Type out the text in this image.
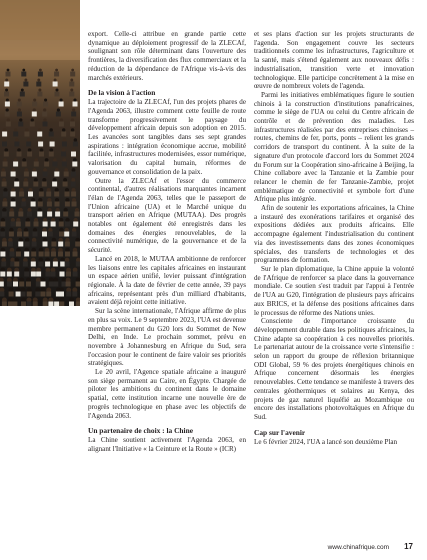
export. Celle-ci attribue en grande partie cette dynamique au déploiement progressif de la ZLECAf, soulignant son rôle déterminant dans l'ouverture des frontières, la diversification des flux commerciaux et la réduction de la dépendance de l'Afrique vis-à-vis des marchés extérieurs.

De la vision à l'action

La trajectoire de la ZLECAf, l'un des projets phares de l'Agenda 2063, illustre comment cette feuille de route transforme progressivement le paysage du développement africain depuis son adoption en 2015. Les avancées sont tangibles dans ses sept grandes aspirations : intégration économique accrue, mobilité facilitée, infrastructures modernisées, essor numérique, valorisation du capital humain, réformes de gouvernance et consolidation de la paix.

Outre la ZLECAf et l'essor du commerce continental, d'autres réalisations marquantes incarnent l'élan de l'Agenda 2063, telles que le passeport de l'Union africaine (UA) et le Marché unique du transport aérien en Afrique (MUTAA). Des progrès notables ont également été enregistrés dans les domaines des énergies renouvelables, de la connectivité numérique, de la gouvernance et de la sécurité.

Lancé en 2018, le MUTAA ambitionne de renforcer les liaisons entre les capitales africaines en instaurant un espace aérien unifié, levier puissant d'intégration régionale. À la date de février de cette année, 39 pays africains, représentant près d'un milliard d'habitants, avaient déjà rejoint cette initiative.

Sur la scène internationale, l'Afrique affirme de plus en plus sa voix. Le 9 septembre 2023, l'UA est devenue membre permanent du G20 lors du Sommet de New Delhi, en Inde. Le prochain sommet, prévu en novembre à Johannesburg en Afrique du Sud, sera l'occasion pour le continent de faire valoir ses priorités stratégiques.

Le 20 avril, l'Agence spatiale africaine a inauguré son siège permanent au Caire, en Égypte. Chargée de piloter les ambitions du continent dans le domaine spatial, cette institution incarne une nouvelle ère de progrès technologique en phase avec les objectifs de l'Agenda 2063.

Un partenaire de choix : la Chine

La Chine soutient activement l'Agenda 2063, en alignant l'Initiative « la Ceinture et la Route » (ICR)

et ses plans d'action sur les projets structurants de l'agenda. Son engagement couvre les secteurs traditionnels comme les infrastructures, l'agriculture et la santé, mais s'étend également aux nouveaux défis : industrialisation, transition verte et innovation technologique. Elle participe concrètement à la mise en œuvre de nombreux volets de l'agenda.

Parmi les initiatives emblématiques figure le soutien chinois à la construction d'institutions panafricaines, comme le siège de l'UA ou celui du Centre africain de contrôle et de prévention des maladies. Les infrastructures réalisées par des entreprises chinoises – routes, chemins de fer, ports, ponts – relient les grands corridors de transport du continent. À la suite de la signature d'un protocole d'accord lors du Sommet 2024 du Forum sur la Coopération sino-africaine à Beijing, la Chine collabore avec la Tanzanie et la Zambie pour relancer le chemin de fer Tanzanie-Zambie, projet emblématique de connectivité et symbole fort d'une Afrique plus intégrée.

Afin de soutenir les exportations africaines, la Chine a instauré des exonérations tarifaires et organisé des expositions dédiées aux produits africains. Elle accompagne également l'industrialisation du continent via des investissements dans des zones économiques spéciales, des transferts de technologies et des programmes de formation.

Sur le plan diplomatique, la Chine appuie la volonté de l'Afrique de renforcer sa place dans la gouvernance mondiale. Ce soutien s'est traduit par l'appui à l'entrée de l'UA au G20, l'intégration de plusieurs pays africains aux BRICS, et la défense des positions africaines dans le processus de réforme des Nations unies.

Consciente de l'importance croissante du développement durable dans les politiques africaines, la Chine adapte sa coopération à ces nouvelles priorités. Le partenariat autour de la croissance verte s'intensifie : selon un rapport du groupe de réflexion britannique ODI Global, 59 % des projets énergétiques chinois en Afrique concernent désormais les énergies renouvelables. Cette tendance se manifeste à travers des centrales géothermiques et solaires au Kenya, des projets de gaz naturel liquéfié au Mozambique ou encore des installations photovoltaïques en Afrique du Sud.

Cap sur l'avenir

Le 6 février 2024, l'UA a lancé son deuxième Plan

www.chinafrique.com 17
